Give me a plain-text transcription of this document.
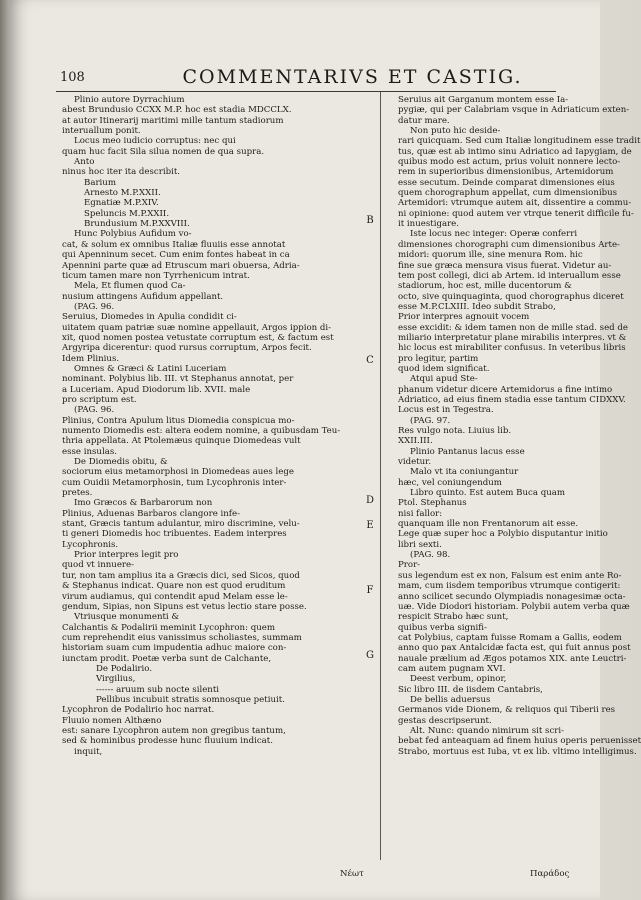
108	COMMENTARIVS ET CASTIG.
Plinio autore Dyrrachium
abest Brundusio CCXX M.P. hoc est stadia MDCCLX.
at autor Itinerarij maritimi mille tantum stadiorum
interuallum ponit.
Locus meo iudicio corruptus: nec qui
quam huc facit Sila silua nomen de qua supra.
Anto
ninus hoc iter ita describit.
Barium
Arnesto M.P.XXII.
Egnatiæ M.P.XIV.
Speluncis M.P.XXII.
Brundusium M.P.XXVIII.
Hunc Polybius Aufidum vo-
cat, & solum ex omnibus Italiæ fluuiis esse annotat
qui Apenninum secet. Cum enim fontes habeat in ca
Apennini parte quæ ad Etruscum mari obuersa, Adria-
ticum tamen mare non Tyrrhenicum intrat.
Mela, Et flumen quod Ca-
nusium attingens Aufidum appellant.
(PAG. 96.
Seruius, Diomedes in Apulia condidit ci-
uitatem quam patriæ suæ nomine appellauit, Argos ippion di-
xit, quod nomen postea vetustate corruptum est, & factum est
Argyripa dicerentur: quod rursus corruptum, Arpos fecit.
Idem Plinius.
Omnes & Græci & Latini Luceriam
nominant. Polybius lib. III. vt Stephanus annotat, per
a Luceriam. Apud Diodorum lib. XVII. male
pro scriptum est.
(PAG. 96.
Plinius, Contra Apulum litus Diomedia conspicua mo-
numento Diomedis est: altera eodem nomine, a quibusdam Teu-
thria appellata. At Ptolemæus quinque Diomedeas vult
esse insulas.
De Diomedis obitu, &
sociorum eius metamorphosi in Diomedeas aues lege
cum Ouidii Metamorphosin, tum Lycophronis inter-
pretes.
Imo Græcos & Barbarorum non
Plinius, Aduenas Barbaros clangore infe-
stant, Græcis tantum adulantur, miro discrimine, velu-
ti generi Diomedis hoc tribuentes. Eadem interpres
Lycophronis.
Prior interpres legit pro
quod vt innuere-
tur, non tam amplius ita a Græcis dici, sed Sicos, quod
& Stephanus indicat. Quare non est quod eruditum
virum audiamus, qui contendit apud Melam esse le-
gendum, Sipias, non Sipuns est vetus lectio stare posse.
Vtriusque monumenti &
Calchantis & Podalirii meminit Lycophron: quem
cum reprehendit eius vanissimus scholiastes, summam
historiam suam cum impudentia adhuc maiore con-
iunctam prodit. Poetæ verba sunt de Calchante,
De Podalirio.
Virgilius,
------ aruum sub nocte silenti
Pellibus incubuit stratis somnosque petiuit.
Lycophron de Podalirio hoc narrat.
Fluuio nomen Althæno
est: sanare Lycophron autem non gregibus tantum,
sed & hominibus prodesse hunc fluuium indicat.
inquit,
Seruius ait Garganum montem esse Ia-
pygiæ, qui per Calabriam vsque in Adriaticum exten-
datur mare.
Non puto hic deside-
rari quicquam. Sed cum Italiæ longitudinem esse tradit
tus, quæ est ab intimo sinu Adriatico ad Iapygiam, de
quibus modo est actum, prius voluit nonnere lecto-
rem in superioribus dimensionibus, Artemidorum
esse secutum. Deinde comparat dimensiones eius
quem chorographum appellat, cum dimensionibus
Artemidori: vtrumque autem ait, dissentire a commu-
ni opinione: quod autem ver vtrque tenerit difficile fu-
it inuestigare.
Iste locus nec integer: Operæ conferri
dimensiones chorographi cum dimensionibus Arte-
midori: quorum ille, sine menura Rom. hic
fine sue græca mensura visus fuerat. Videtur au-
tem post collegi, dici ab Artem. id interuallum esse
stadiorum, hoc est, mille ducentorum &
octo, sive quinquaginta, quod chorographus diceret
esse M.P.CLXIII. Ideo subdit Strabo,
Prior interpres agnouit vocem
esse excidit: & idem tamen non de mille stad. sed de
miliario interpretatur plane mirabilis interpres. vt &
hic locus est mirabiliter confusus. In veteribus libris
pro legitur, partim
quod idem significat.
Atqui apud Ste-
phanum videtur dicere Artemidorus a fine intimo
Adriatico, ad eius finem stadia esse tantum CIDXXV.
Locus est in Tegestra.
(PAG. 97.
Res vulgo nota. Liuius lib.
XXII.III.
Plinio Pantanus lacus esse
videtur.
Malo vt ita coniungantur
hæc, vel coniungendum
Libro quinto. Est autem Buca quam
Ptol. Stephanus
nisi fallor:
quanquam ille non Frentanorum ait esse.
Lege quæ super hoc a Polybio disputantur initio
libri sexti.
(PAG. 98.
Pror-
sus legendum est ex non, Falsum est enim ante Ro-
mam, cum iisdem temporibus vtrumque contigerit:
anno scilicet secundo Olympiadis nonagesimæ octa-
uæ. Vide Diodori historiam. Polybii autem verba quæ
respicit Strabo hæc sunt,
quibus verba signifi-
cat Polybius, captam fuisse Romam a Gallis, eodem
anno quo pax Antalcidæ facta est, qui fuit annus post
nauale prælium ad Ægos potamos XIX. ante Leuctri-
cam autem pugnam XVI.
Deest verbum, opinor,
Sic libro III. de iisdem Cantabris,
De bellis aduersus
Germanos vide Dionem, & reliquos qui Tiberii res
gestas descripserunt.
Alt. Nunc: quando nimirum sit scri-
bebat fed anteaquam ad finem huius operis peruenisset
Strabo, mortuus est Iuba, vt ex lib. vltimo intelligimus.
B
C
D
E
F
G
Νέωτ	Παράδος
